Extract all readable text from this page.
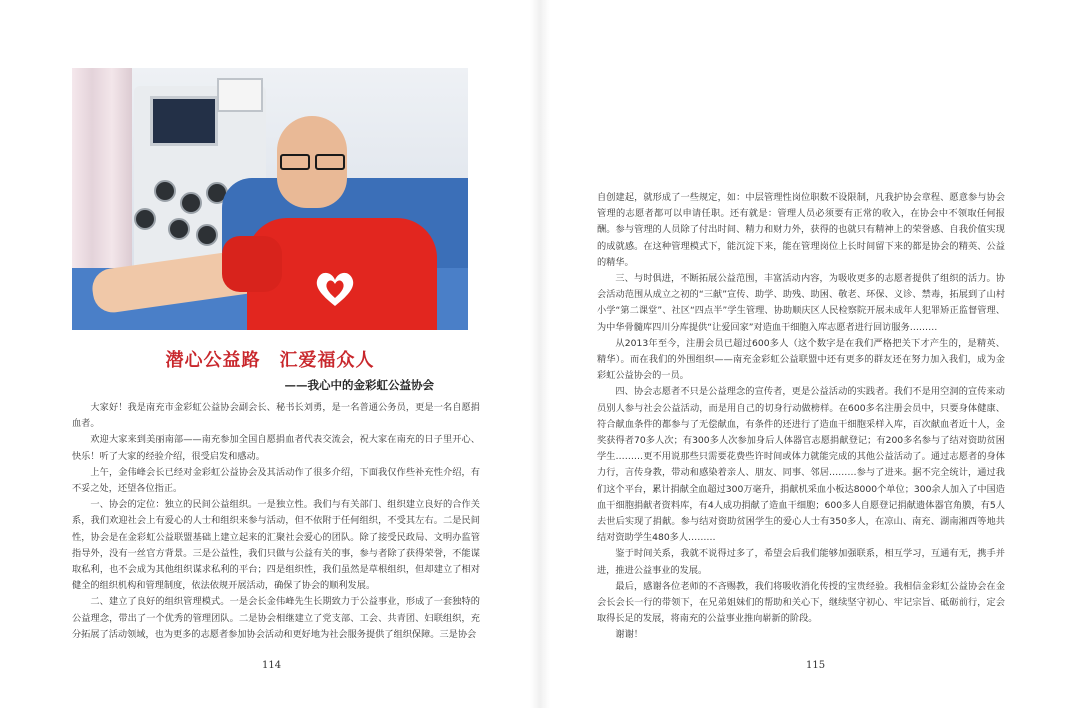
潜心公益路　汇爱福众人
——我心中的金彩虹公益协会

大家好！我是南充市金彩虹公益协会副会长、秘书长刘勇，是一名普通公务员，更是一名自愿捐血者。

欢迎大家来到美丽南部——南充参加全国自愿捐血者代表交流会，祝大家在南充的日子里开心、快乐！听了大家的经验介绍，很受启发和感动。

上午，金伟峰会长已经对金彩虹公益协会及其活动作了很多介绍，下面我仅作些补充性介绍，有不妥之处，还望各位指正。

一、协会的定位：独立的民间公益组织。一是独立性。我们与有关部门、组织建立良好的合作关系，我们欢迎社会上有爱心的人士和组织来参与活动，但不依附于任何组织，不受其左右。二是民间性，协会是在金彩虹公益联盟基础上建立起来的汇聚社会爱心的团队。除了接受民政局、文明办监管指导外，没有一丝官方背景。三是公益性，我们只做与公益有关的事，参与者除了获得荣誉，不能谋取私利，也不会成为其他组织谋求私利的平台；四是组织性，我们虽然是草根组织，但却建立了相对健全的组织机构和管理制度，依法依规开展活动，确保了协会的顺利发展。

二、建立了良好的组织管理模式。一是会长金伟峰先生长期致力于公益事业，形成了一套独特的公益理念，带出了一个优秀的管理团队。二是协会相继建立了党支部、工会、共青团、妇联组织，充分拓展了活动领域，也为更多的志愿者参加协会活动和更好地为社会服务提供了组织保障。三是协会

114	115

自创建起，就形成了一些规定，如：中层管理性岗位职数不设限制，凡我护协会章程、愿意参与协会管理的志愿者都可以申请任职。还有就是：管理人员必须要有正常的收入，在协会中不领取任何报酬。参与管理的人员除了付出时间、精力和财力外，获得的也就只有精神上的荣誉感、自我价值实现的成就感。在这种管理模式下，能沉淀下来，能在管理岗位上长时间留下来的都是协会的精英、公益的精华。

三、与时俱进，不断拓展公益范围，丰富活动内容，为吸收更多的志愿者提供了组织的活力。协会活动范围从成立之初的“三献”宣传、助学、助残、助困、敬老、环保、义诊、禁毒，拓展到了山村小学“第二课堂”、社区“四点半”学生管理、协助顺庆区人民检察院开展未成年人犯罪矫正监督管理、为中华骨髓库四川分库提供“让爱回家”对造血干细胞入库志愿者进行回访服务………

从2013年至今，注册会员已超过600多人（这个数字是在我们严格把关下才产生的，是精英、精华）。而在我们的外围组织——南充金彩虹公益联盟中还有更多的群友还在努力加入我们，成为金彩虹公益协会的一员。

四、协会志愿者不只是公益理念的宣传者，更是公益活动的实践者。我们不是用空洞的宣传来动员别人参与社会公益活动，而是用自己的切身行动做榜样。在600多名注册会员中，只要身体健康、符合献血条件的都参与了无偿献血，有条件的还进行了造血干细胞采样入库，百次献血者近十人，金奖获得者70多人次；有300多人次参加身后人体器官志愿捐献登记；有200多名参与了结对资助贫困学生………更不用说那些只需要花费些许时间或体力就能完成的其他公益活动了。通过志愿者的身体力行，言传身教，带动和感染着亲人、朋友、同事、邻居………参与了进来。据不完全统计，通过我们这个平台，累计捐献全血超过300万毫升，捐献机采血小板达8000个单位；300余人加入了中国造血干细胞捐献者资料库，有4人成功捐献了造血干细胞；600多人自愿登记捐献遗体器官角膜，有5人去世后实现了捐献。参与结对资助贫困学生的爱心人士有350多人，在凉山、南充、湖南湘西等地共结对资助学生480多人………

鉴于时间关系，我就不说得过多了，希望会后我们能够加强联系，相互学习，互通有无，携手并进，推进公益事业的发展。

最后，感谢各位老师的不吝赐教，我们将吸收消化传授的宝贵经验。我相信金彩虹公益协会在金会长会长一行的带领下，在兄弟姐妹们的帮助和关心下，继续坚守初心、牢记宗旨、砥砺前行，定会取得长足的发展，将南充的公益事业推向崭新的阶段。

谢谢！
